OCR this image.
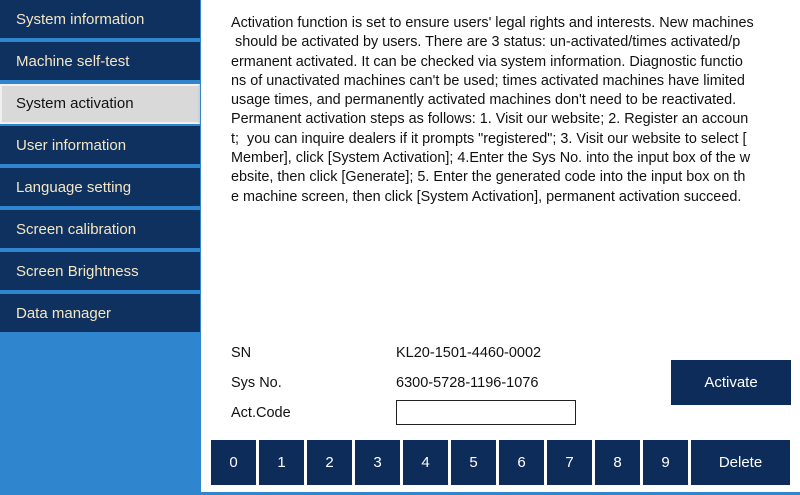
System information
Machine self-test
System activation
User information
Language setting
Screen calibration
Screen Brightness
Data manager
Activation function is set to ensure users' legal rights and interests. New machines
should be activated by users. There are 3 status: un-activated/times activated/p
ermanent activated. It can be checked via system information. Diagnostic functio
ns of unactivated machines can't be used; times activated machines have limited
usage times, and permanently activated machines don't need to be reactivated.
Permanent activation steps as follows: 1. Visit our website; 2. Register an accoun
t;  you can inquire dealers if it prompts "registered"; 3. Visit our website to select [
Member], click [System Activation]; 4.Enter the Sys No. into the input box of the w
ebsite, then click [Generate]; 5. Enter the generated code into the input box on th
e machine screen, then click [System Activation], permanent activation succeed.
SN	KL20-1501-4460-0002
Sys No.	6300-5728-1196-1076
Act.Code
Activate
0	1	2	3	4	5	6	7	8	9	Delete
